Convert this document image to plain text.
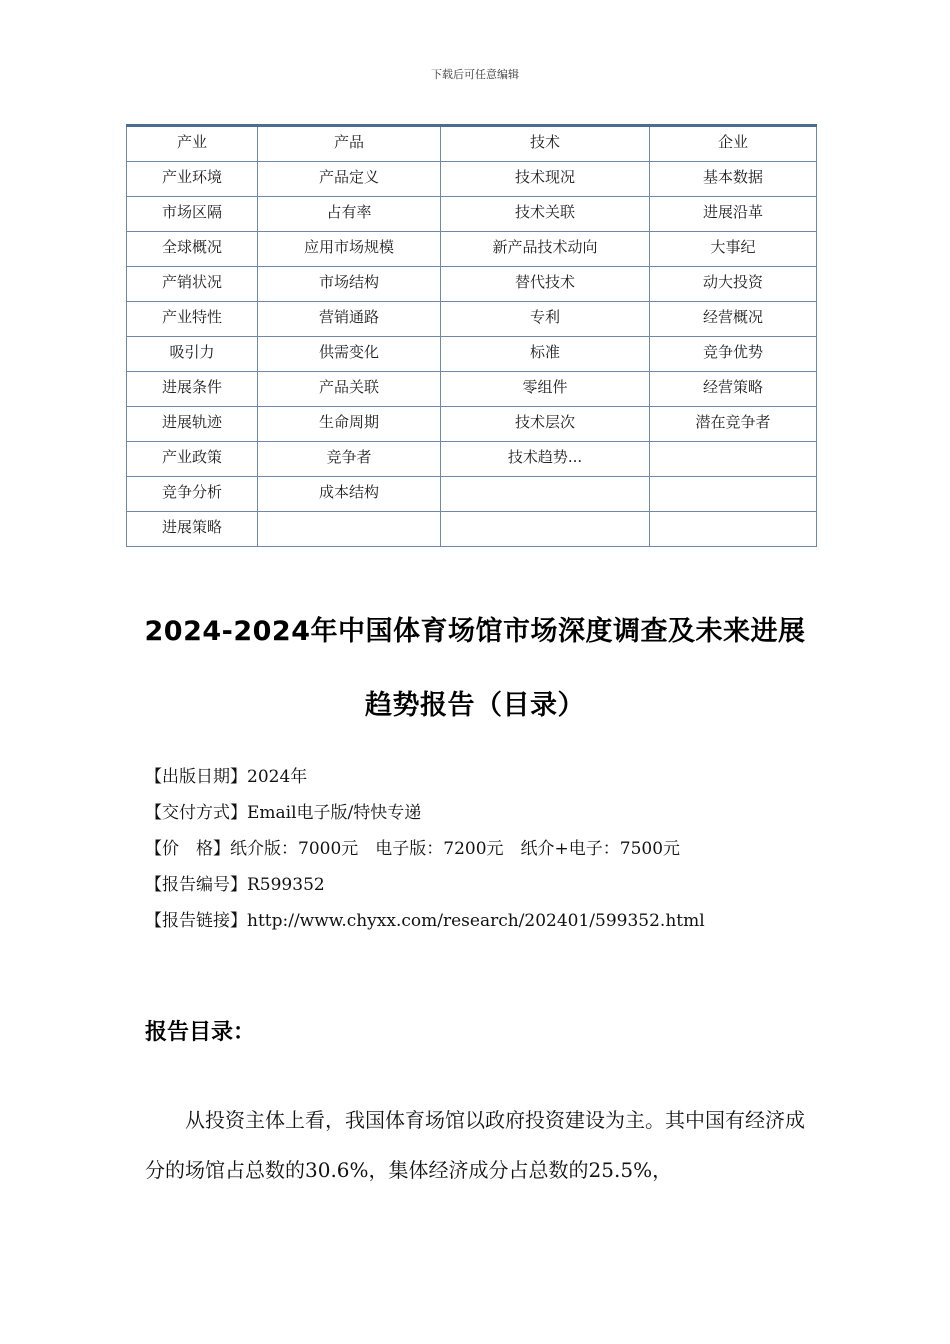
下载后可任意编辑
产业	产品	技术	企业
产业环境	产品定义	技术现况	基本数据
市场区隔	占有率	技术关联	进展沿革
全球概况	应用市场规模	新产品技术动向	大事纪
产销状况	市场结构	替代技术	动大投资
产业特性	营销通路	专利	经营概况
吸引力	供需变化	标准	竞争优势
进展条件	产品关联	零组件	经营策略
进展轨迹	生命周期	技术层次	潜在竞争者
产业政策	竞争者	技术趋势...	
竞争分析	成本结构		
进展策略			
2024-2024年中国体育场馆市场深度调查及未来进展
趋势报告（目录）
【出版日期】2024年
【交付方式】Email电子版/特快专递
【价　格】纸介版：7000元　电子版：7200元　纸介+电子：7500元
【报告编号】R599352
【报告链接】http://www.chyxx.com/research/202401/599352.html
报告目录：
从投资主体上看，我国体育场馆以政府投资建设为主。其中国有经济成分的场馆占总数的30.6%，集体经济成分占总数的25.5%，
